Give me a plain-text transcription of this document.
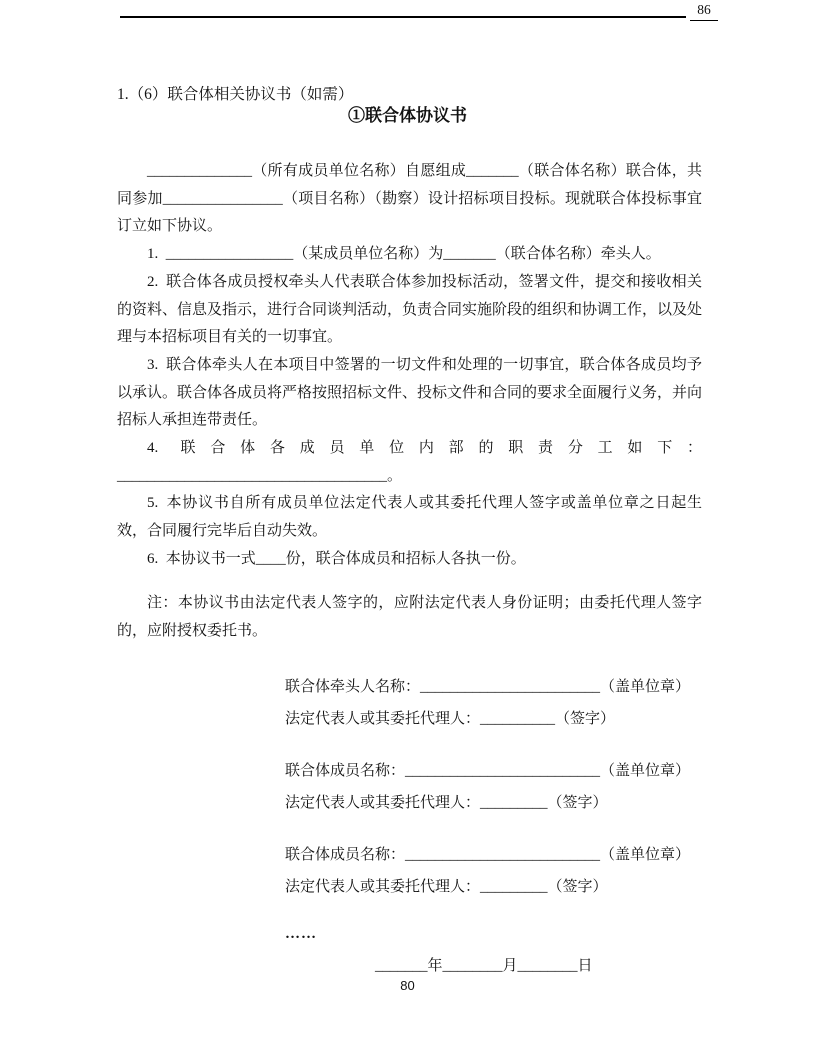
86
1.（6）联合体相关协议书（如需）
①联合体协议书

______________（所有成员单位名称）自愿组成_______（联合体名称）联合体，共同参加________________（项目名称）（勘察）设计招标项目投标。现就联合体投标事宜订立如下协议。

1. _________________（某成员单位名称）为_______（联合体名称）牵头人。

2. 联合体各成员授权牵头人代表联合体参加投标活动，签署文件，提交和接收相关的资料、信息及指示，进行合同谈判活动，负责合同实施阶段的组织和协调工作，以及处理与本招标项目有关的一切事宜。

3. 联合体牵头人在本项目中签署的一切文件和处理的一切事宜，联合体各成员均予以承认。联合体各成员将严格按照招标文件、投标文件和合同的要求全面履行义务，并向招标人承担连带责任。

4. 联合体各成员单位内部的职责分工如下：____________________________________。

5. 本协议书自所有成员单位法定代表人或其委托代理人签字或盖单位章之日起生效，合同履行完毕后自动失效。

6. 本协议书一式____份，联合体成员和招标人各执一份。

注：本协议书由法定代表人签字的，应附法定代表人身份证明；由委托代理人签字的，应附授权委托书。

联合体牵头人名称：________________________（盖单位章）
法定代表人或其委托代理人：__________（签字）
联合体成员名称：__________________________（盖单位章）
法定代表人或其委托代理人：_________（签字）
联合体成员名称：__________________________（盖单位章）
法定代表人或其委托代理人：_________（签字）
……
_______年________月________日
80
